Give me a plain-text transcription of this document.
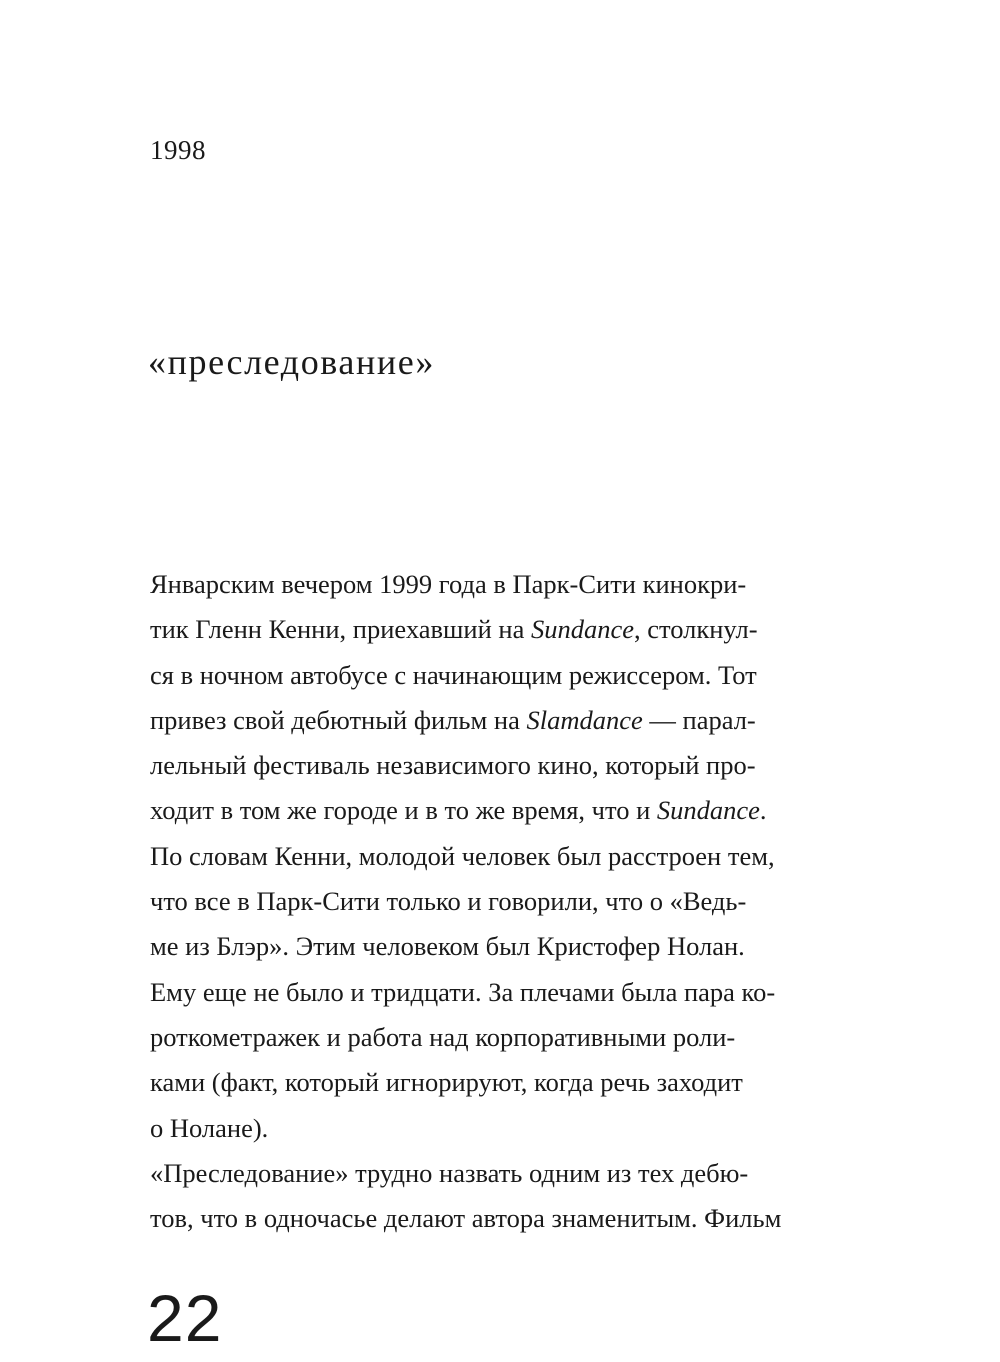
1998
«преследование»
Январским вечером 1999 года в Парк-Сити кинокри-
тик Гленн Кенни, приехавший на Sundance, столкнул-
ся в ночном автобусе с начинающим режиссером. Тот
привез свой дебютный фильм на Slamdance — парал-
лельный фестиваль независимого кино, который про-
ходит в том же городе и в то же время, что и Sundance.
По словам Кенни, молодой человек был расстроен тем,
что все в Парк-Сити только и говорили, что о «Ведь-
ме из Блэр». Этим человеком был Кристофер Нолан.
Ему еще не было и тридцати. За плечами была пара ко-
роткометражек и работа над корпоративными роли-
ками (факт, который игнорируют, когда речь заходит
о Нолане).
«Преследование» трудно назвать одним из тех дебю-
тов, что в одночасье делают автора знаменитым. Фильм
22
